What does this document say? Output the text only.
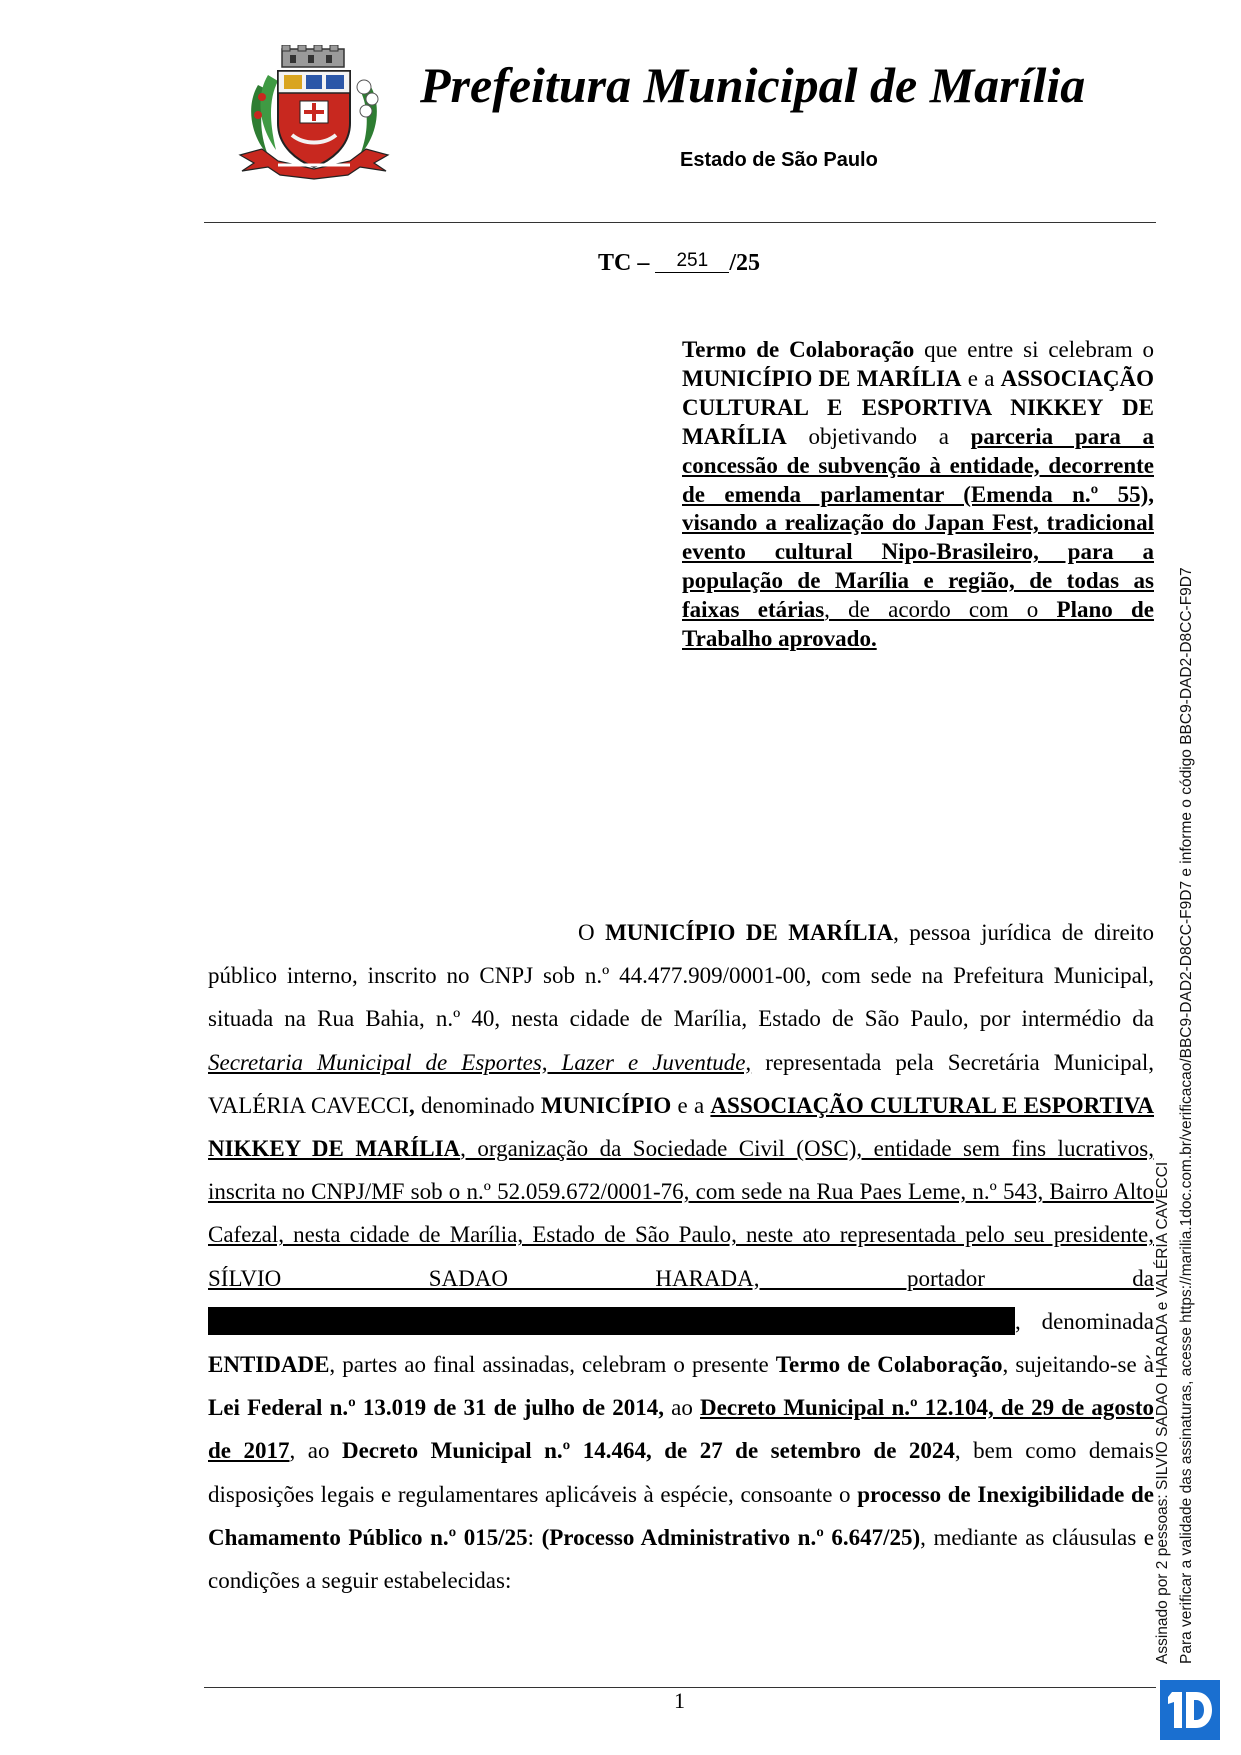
Prefeitura Municipal de Marília
Estado de São Paulo
TC – 251 /25
Termo de Colaboração que entre si celebram o MUNICÍPIO DE MARÍLIA e a ASSOCIAÇÃO CULTURAL E ESPORTIVA NIKKEY DE MARÍLIA objetivando a parceria para a concessão de subvenção à entidade, decorrente de emenda parlamentar (Emenda n.º 55), visando a realização do Japan Fest, tradicional evento cultural Nipo-Brasileiro, para a população de Marília e região, de todas as faixas etárias, de acordo com o Plano de Trabalho aprovado.
O MUNICÍPIO DE MARÍLIA, pessoa jurídica de direito público interno, inscrito no CNPJ sob n.º 44.477.909/0001-00, com sede na Prefeitura Municipal, situada na Rua Bahia, n.º 40, nesta cidade de Marília, Estado de São Paulo, por intermédio da Secretaria Municipal de Esportes, Lazer e Juventude, representada pela Secretária Municipal, VALÉRIA CAVECCI, denominado MUNICÍPIO e a ASSOCIAÇÃO CULTURAL E ESPORTIVA NIKKEY DE MARÍLIA, organização da Sociedade Civil (OSC), entidade sem fins lucrativos, inscrita no CNPJ/MF sob o n.º 52.059.672/0001-76, com sede na Rua Paes Leme, n.º 543, Bairro Alto Cafezal, nesta cidade de Marília, Estado de São Paulo, neste ato representada pelo seu presidente, SÍLVIO SADAO HARADA, portador da , denominada ENTIDADE, partes ao final assinadas, celebram o presente Termo de Colaboração, sujeitando-se à Lei Federal n.º 13.019 de 31 de julho de 2014, ao Decreto Municipal n.º 12.104, de 29 de agosto de 2017, ao Decreto Municipal n.º 14.464, de 27 de setembro de 2024, bem como demais disposições legais e regulamentares aplicáveis à espécie, consoante o processo de Inexigibilidade de Chamamento Público n.º 015/25: (Processo Administrativo n.º 6.647/25), mediante as cláusulas e condições a seguir estabelecidas:
1
Assinado por 2 pessoas: SILVIO SADAO HARADA e VALÉRIA CAVECCI Para verificar a validade das assinaturas, acesse https://marilia.1doc.com.br/verificacao/BBC9-DAD2-D8CC-F9D7 e informe o código BBC9-DAD2-D8CC-F9D7
